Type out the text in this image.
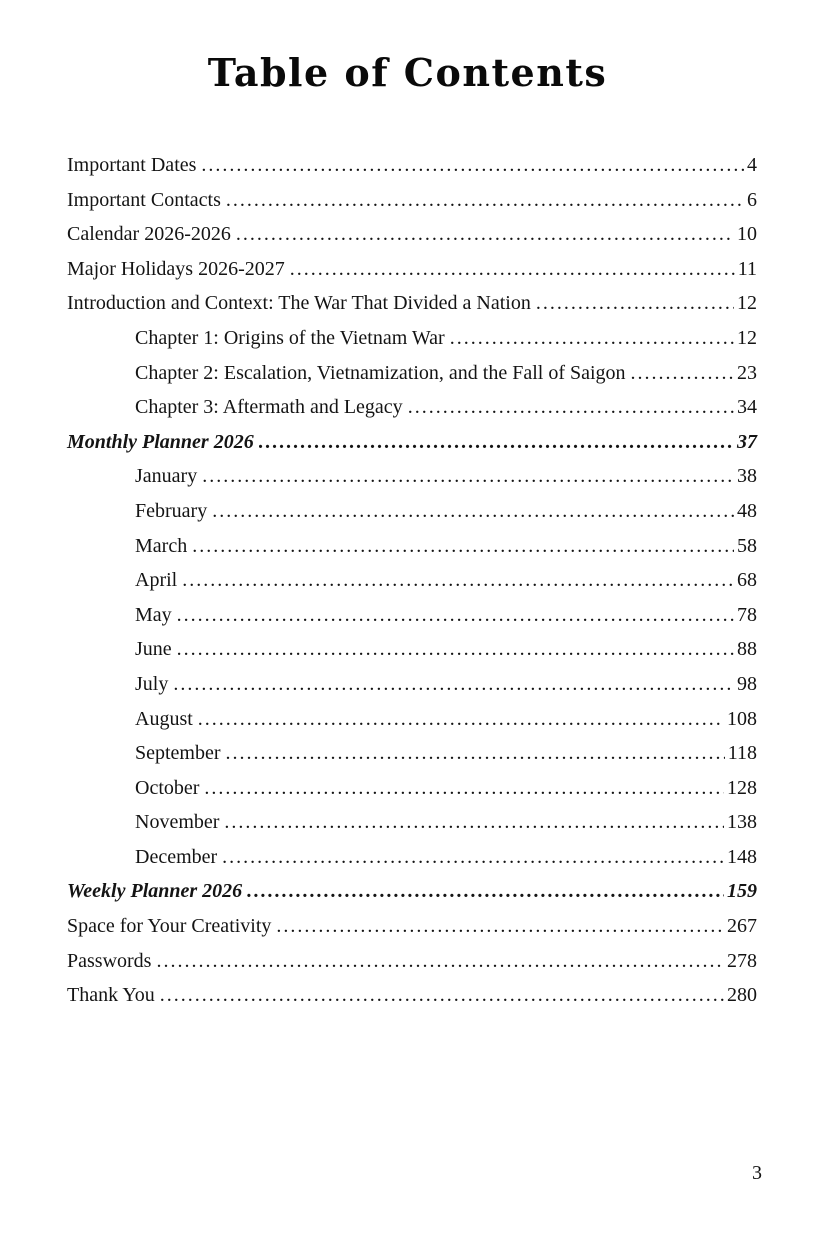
Table of Contents
Important Dates .....	4
Important Contacts .....	6
Calendar 2026-2026 .....	10
Major Holidays 2026-2027 .....	11
Introduction and Context: The War That Divided a Nation .....	12
Chapter 1: Origins of the Vietnam War .....	12
Chapter 2: Escalation, Vietnamization, and the Fall of Saigon .....	23
Chapter 3: Aftermath and Legacy .....	34
Monthly Planner 2026 .....	37
January .....	38
February .....	48
March .....	58
April .....	68
May .....	78
June .....	88
July .....	98
August .....	108
September .....	118
October .....	128
November .....	138
December .....	148
Weekly Planner 2026 .....	159
Space for Your Creativity .....	267
Passwords .....	278
Thank You .....	280
3
